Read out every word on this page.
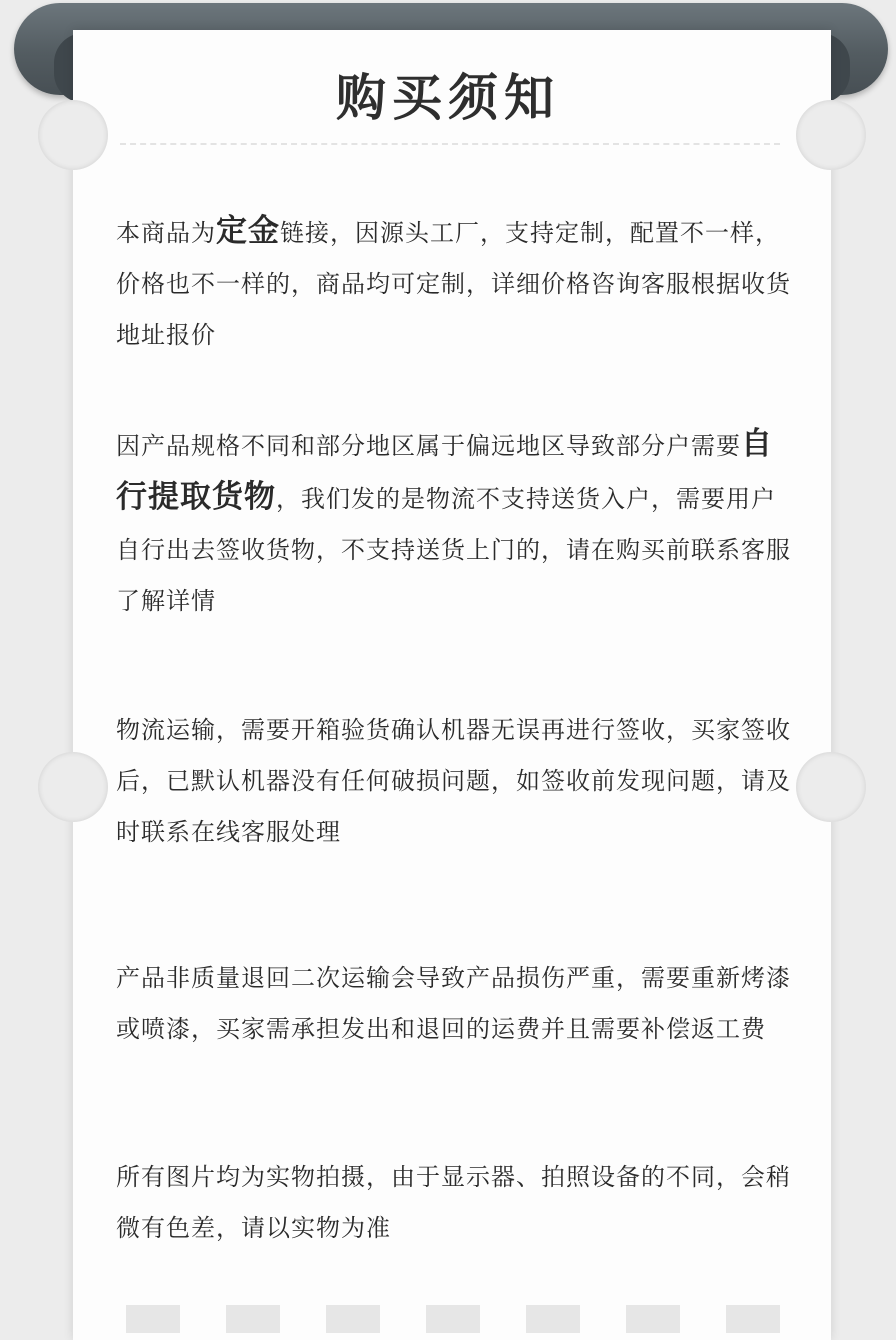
购买须知

本商品为定金链接，因源头工厂，支持定制，配置不一样，价格也不一样的，商品均可定制，详细价格咨询客服根据收货地址报价

因产品规格不同和部分地区属于偏远地区导致部分户需要自行提取货物，我们发的是物流不支持送货入户，需要用户自行出去签收货物，不支持送货上门的，请在购买前联系客服了解详情

物流运输，需要开箱验货确认机器无误再进行签收，买家签收后，已默认机器没有任何破损问题，如签收前发现问题，请及时联系在线客服处理

产品非质量退回二次运输会导致产品损伤严重，需要重新烤漆或喷漆，买家需承担发出和退回的运费并且需要补偿返工费

所有图片均为实物拍摄，由于显示器、拍照设备的不同，会稍微有色差，请以实物为准
